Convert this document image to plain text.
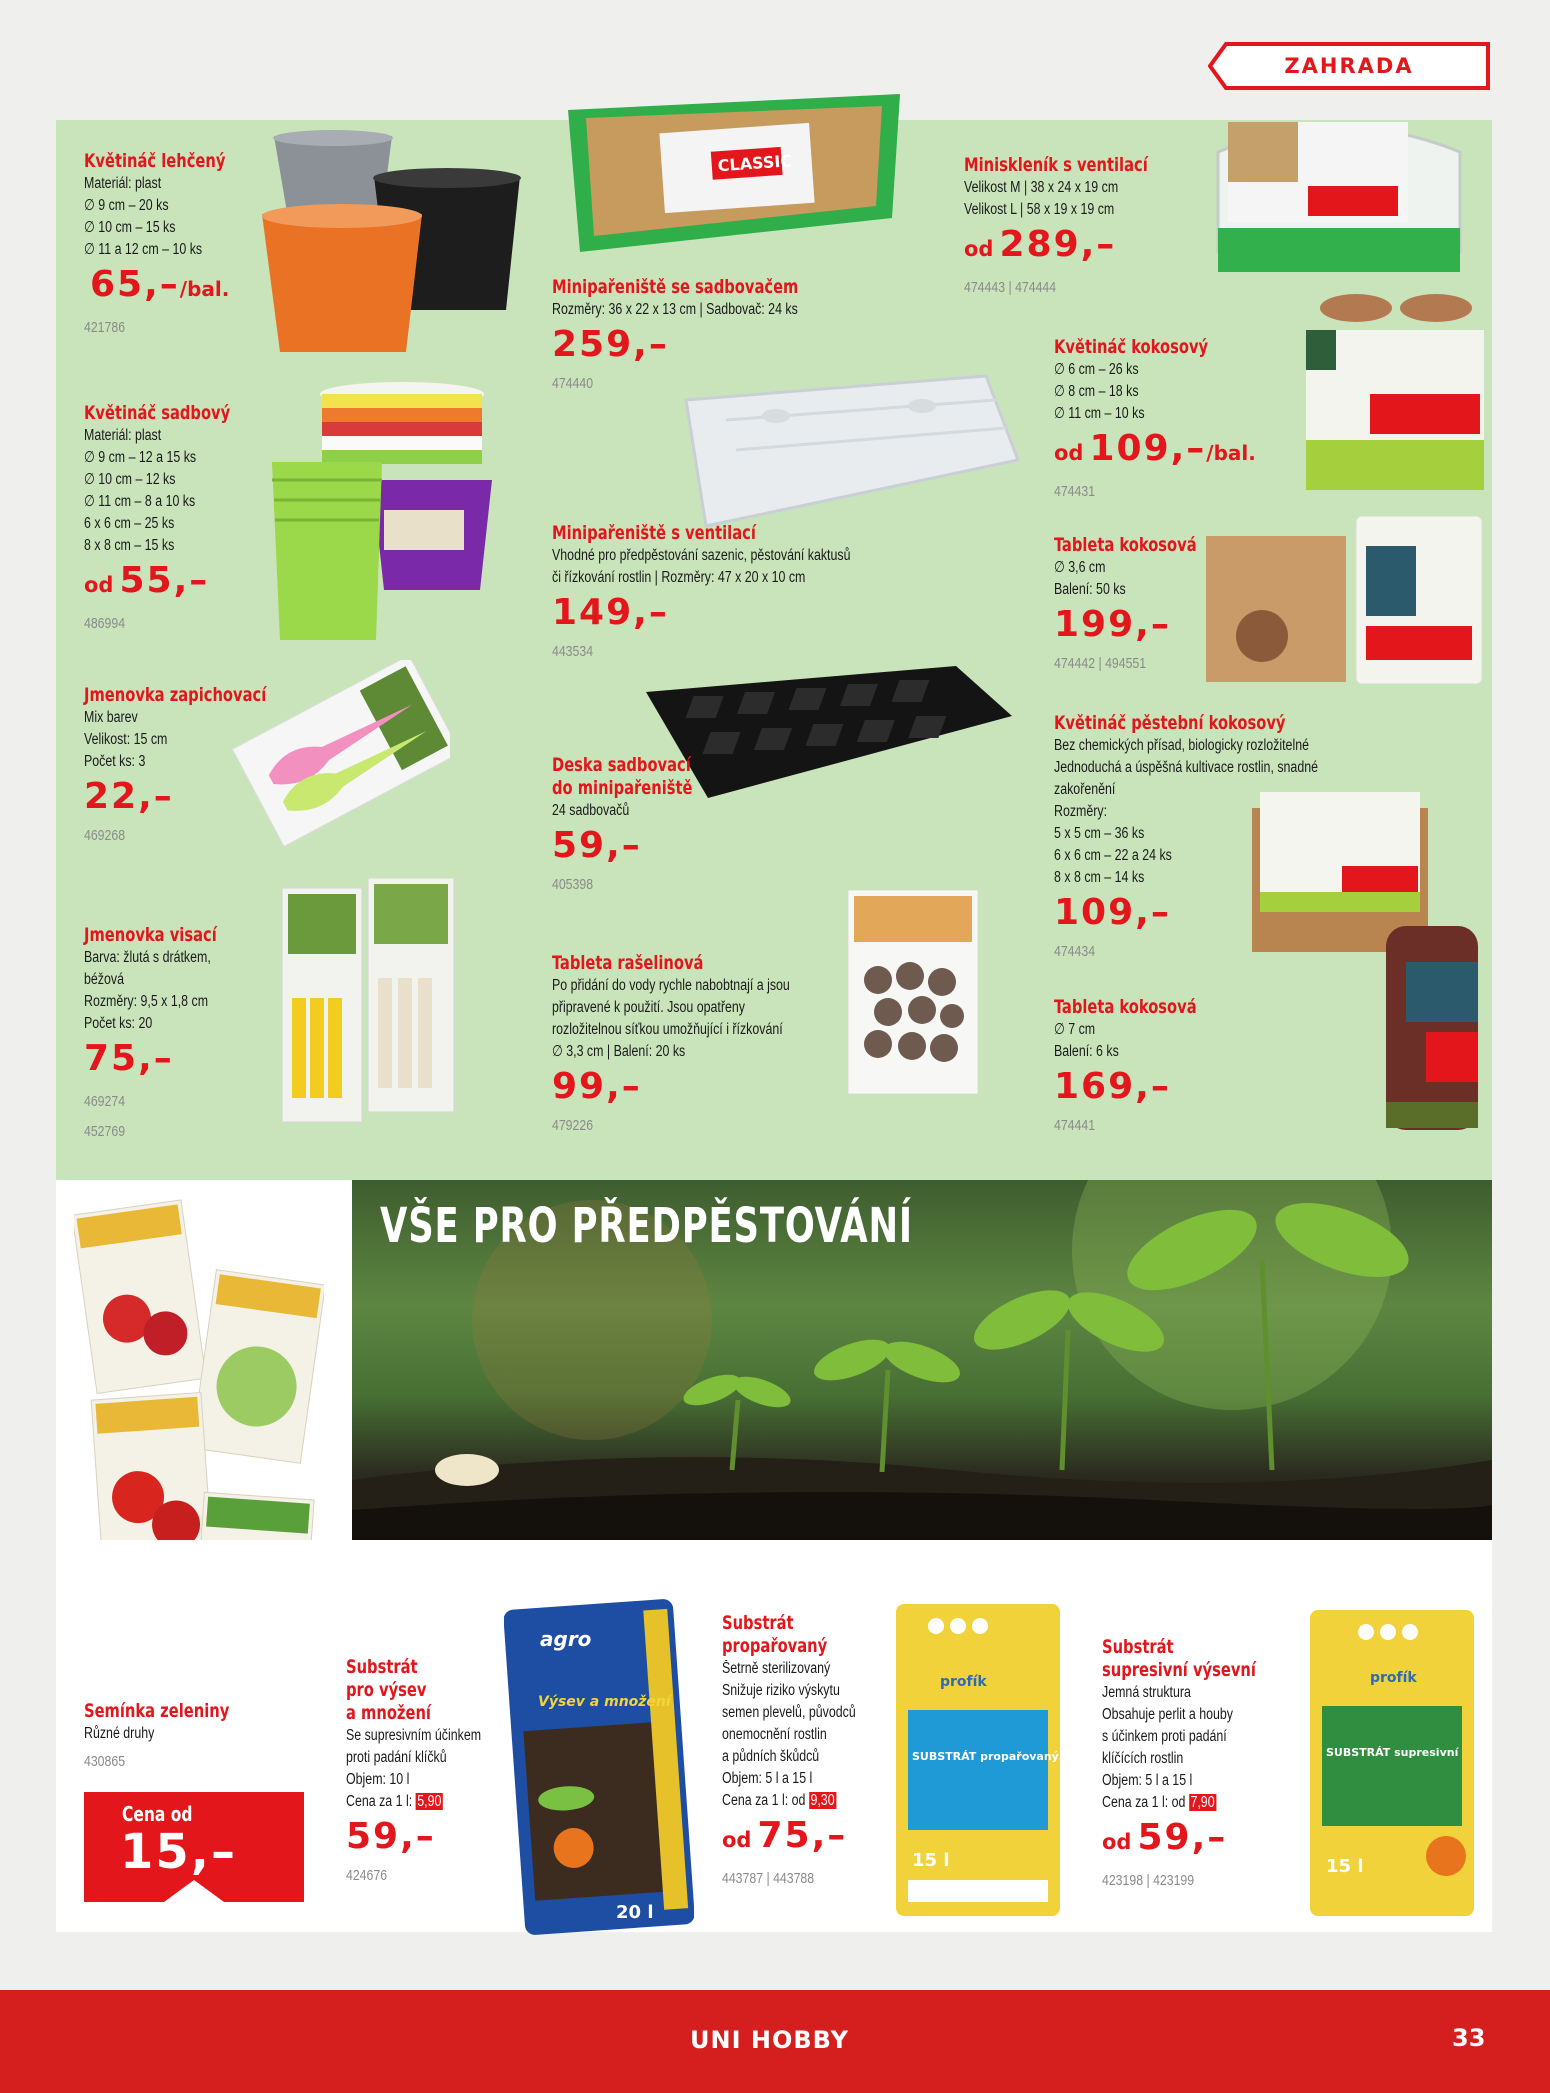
ZAHRADA
CLASSIC
Květináč lehčený
Materiál: plast
∅ 9 cm – 20 ks
∅ 10 cm – 15 ks
∅ 11 a 12 cm – 10 ks
65,–/bal.
421786
Květináč sadbový
Materiál: plast
∅ 9 cm – 12 a 15 ks
∅ 10 cm – 12 ks
∅ 11 cm – 8 a 10 ks
6 x 6 cm – 25 ks
8 x 8 cm – 15 ks
od 55,–
486994
Jmenovka zapichovací
Mix barev
Velikost: 15 cm
Počet ks: 3
22,–
469268
Jmenovka visací
Barva: žlutá s drátkem,
béžová
Rozměry: 9,5 x 1,8 cm
Počet ks: 20
75,–
469274
452769
Minipařeniště se sadbovačem
Rozměry: 36 x 22 x 13 cm | Sadbovač: 24 ks
259,–
474440
Minipařeniště s ventilací
Vhodné pro předpěstování sazenic, pěstování kaktusů
či řízkování rostlin | Rozměry: 47 x 20 x 10 cm
149,–
443534
Deska sadbovací
do minipařeniště
24 sadbovačů
59,–
405398
Tableta rašelinová
Po přidání do vody rychle nabobtnají a jsou
připravené k použití. Jsou opatřeny
rozložitelnou síťkou umožňující i řízkování
∅ 3,3 cm | Balení: 20 ks
99,–
479226
Miniskleník s ventilací
Velikost M | 38 x 24 x 19 cm
Velikost L | 58 x 19 x 19 cm
od 289,–
474443 | 474444
Květináč kokosový
∅ 6 cm – 26 ks
∅ 8 cm – 18 ks
∅ 11 cm – 10 ks
od 109,–/bal.
474431
Tableta kokosová
∅ 3,6 cm
Balení: 50 ks
199,–
474442 | 494551
Květináč pěstební kokosový
Bez chemických přísad, biologicky rozložitelné
Jednoduchá a úspěšná kultivace rostlin, snadné
zakořenění
Rozměry:
5 x 5 cm – 36 ks
6 x 6 cm – 22 a 24 ks
8 x 8 cm – 14 ks
109,–
474434
Tableta kokosová
∅ 7 cm
Balení: 6 ks
169,–
474441
VŠE PRO PŘEDPĚSTOVÁNÍ
Semínka zeleniny
Různé druhy
430865
Cena od
15,–
Substrát
pro výsev
a množení
Se supresivním účinkem
proti padání klíčků
Objem: 10 l
Cena za 1 l: 5,90
59,–
424676
agro
Výsev a množení
20 l
Substrát
propařovaný
Šetrně sterilizovaný
Snižuje riziko výskytu
semen plevelů, původců
onemocnění rostlin
a půdních škůdců
Objem: 5 l a 15 l
Cena za 1 l: od 9,30
od 75,–
443787 | 443788
profík
SUBSTRÁT propařovaný
15 l
Substrát
supresivní výsevní
Jemná struktura
Obsahuje perlit a houby
s účinkem proti padání
klíčících rostlin
Objem: 5 l a 15 l
Cena za 1 l: od 7,90
od 59,–
423198 | 423199
profík
SUBSTRÁT supresivní
15 l
UNI HOBBY	33
